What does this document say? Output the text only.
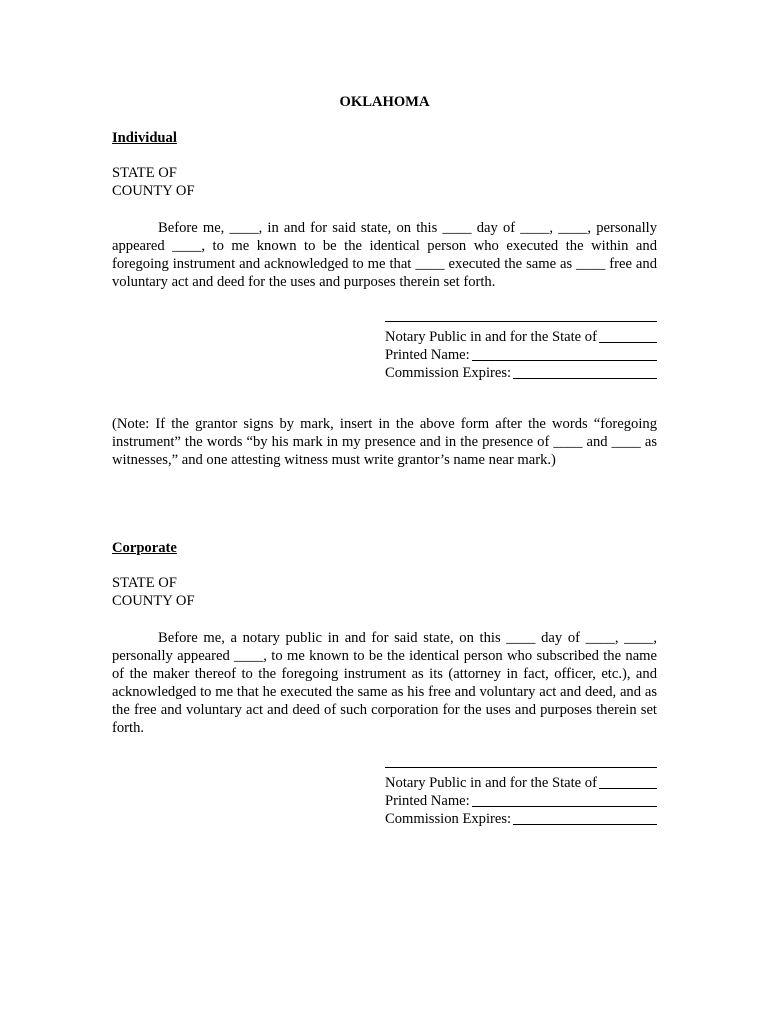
OKLAHOMA
Individual
STATE OF
COUNTY OF
Before me, ____, in and for said state, on this ____ day of ____, ____, personally appeared ____, to me known to be the identical person who executed the within and foregoing instrument and acknowledged to me that ____ executed the same as ____ free and voluntary act and deed for the uses and purposes therein set forth.
Notary Public in and for the State of
Printed Name:
Commission Expires:
(Note: If the grantor signs by mark, insert in the above form after the words “foregoing instrument” the words “by his mark in my presence and in the presence of ____ and ____ as witnesses,” and one attesting witness must write grantor’s name near mark.)
Corporate
STATE OF
COUNTY OF
Before me, a notary public in and for said state, on this ____ day of ____, ____, personally appeared ____, to me known to be the identical person who subscribed the name of the maker thereof to the foregoing instrument as its (attorney in fact, officer, etc.), and acknowledged to me that he executed the same as his free and voluntary act and deed, and as the free and voluntary act and deed of such corporation for the uses and purposes therein set forth.
Notary Public in and for the State of
Printed Name:
Commission Expires:
